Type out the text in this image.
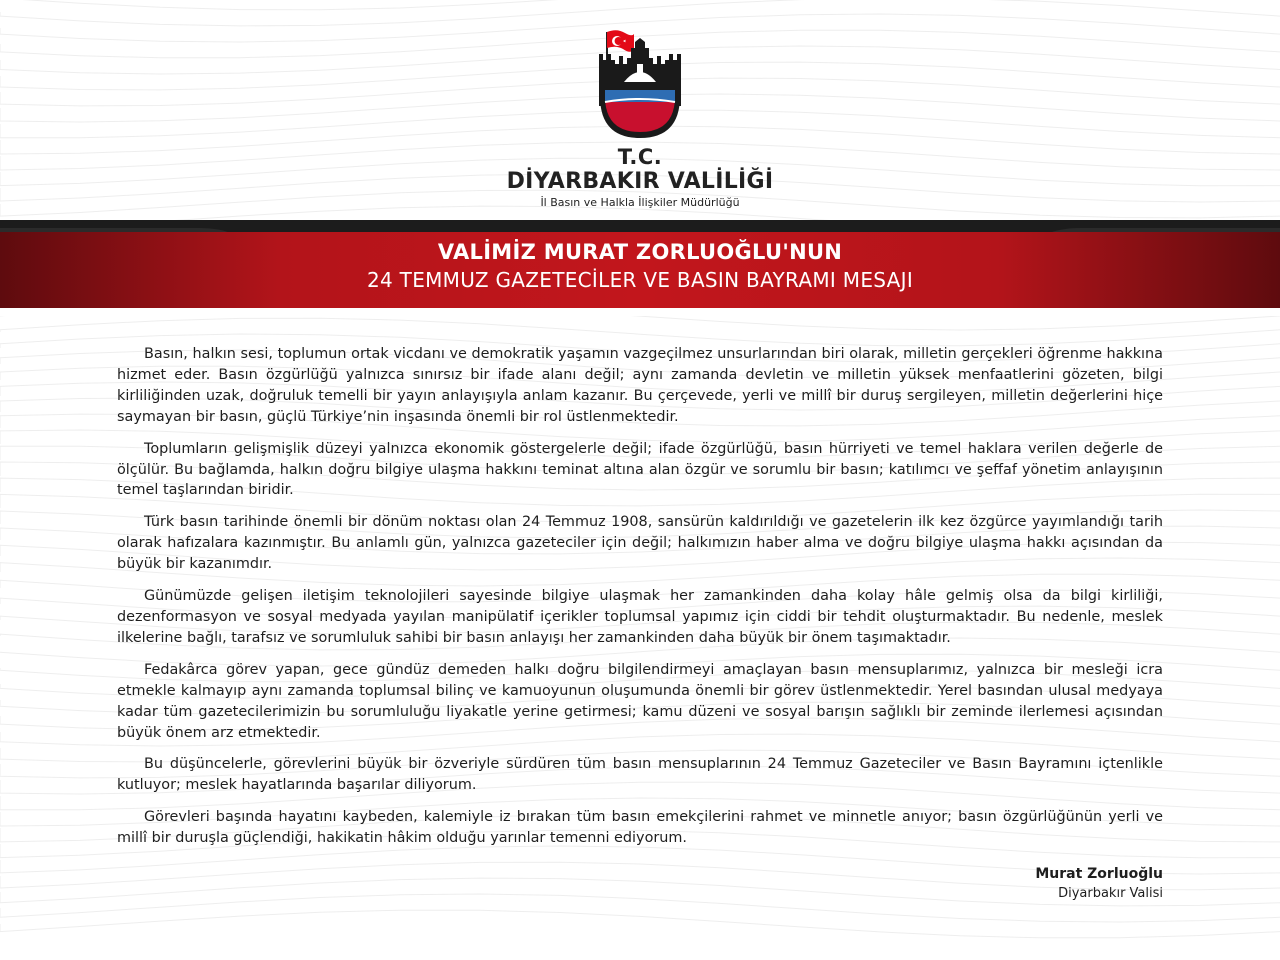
T.C.
DİYARBAKIR VALİLİĞİ
İl Basın ve Halkla İlişkiler Müdürlüğü
VALİMİZ MURAT ZORLUOĞLU'NUN
24 TEMMUZ GAZETECİLER VE BASIN BAYRAMI MESAJI

Basın, halkın sesi, toplumun ortak vicdanı ve demokratik yaşamın vazgeçilmez unsurlarından biri olarak, milletin gerçekleri öğrenme hakkına hizmet eder. Basın özgürlüğü yalnızca sınırsız bir ifade alanı değil; aynı zamanda devletin ve milletin yüksek menfaatlerini gözeten, bilgi kirliliğinden uzak, doğruluk temelli bir yayın anlayışıyla anlam kazanır. Bu çerçevede, yerli ve millî bir duruş sergileyen, milletin değerlerini hiçe saymayan bir basın, güçlü Türkiye’nin inşasında önemli bir rol üstlenmektedir.

Toplumların gelişmişlik düzeyi yalnızca ekonomik göstergelerle değil; ifade özgürlüğü, basın hürriyeti ve temel haklara verilen değerle de ölçülür. Bu bağlamda, halkın doğru bilgiye ulaşma hakkını teminat altına alan özgür ve sorumlu bir basın; katılımcı ve şeffaf yönetim anlayışının temel taşlarından biridir.

Türk basın tarihinde önemli bir dönüm noktası olan 24 Temmuz 1908, sansürün kaldırıldığı ve gazetelerin ilk kez özgürce yayımlandığı tarih olarak hafızalara kazınmıştır. Bu anlamlı gün, yalnızca gazeteciler için değil; halkımızın haber alma ve doğru bilgiye ulaşma hakkı açısından da büyük bir kazanımdır.

Günümüzde gelişen iletişim teknolojileri sayesinde bilgiye ulaşmak her zamankinden daha kolay hâle gelmiş olsa da bilgi kirliliği, dezenformasyon ve sosyal medyada yayılan manipülatif içerikler toplumsal yapımız için ciddi bir tehdit oluşturmaktadır. Bu nedenle, meslek ilkelerine bağlı, tarafsız ve sorumluluk sahibi bir basın anlayışı her zamankinden daha büyük bir önem taşımaktadır.

Fedakârca görev yapan, gece gündüz demeden halkı doğru bilgilendirmeyi amaçlayan basın mensuplarımız, yalnızca bir mesleği icra etmekle kalmayıp aynı zamanda toplumsal bilinç ve kamuoyunun oluşumunda önemli bir görev üstlenmektedir. Yerel basından ulusal medyaya kadar tüm gazetecilerimizin bu sorumluluğu liyakatle yerine getirmesi; kamu düzeni ve sosyal barışın sağlıklı bir zeminde ilerlemesi açısından büyük önem arz etmektedir.

Bu düşüncelerle, görevlerini büyük bir özveriyle sürdüren tüm basın mensuplarının 24 Temmuz Gazeteciler ve Basın Bayramını içtenlikle kutluyor; meslek hayatlarında başarılar diliyorum.

Görevleri başında hayatını kaybeden, kalemiyle iz bırakan tüm basın emekçilerini rahmet ve minnetle anıyor; basın özgürlüğünün yerli ve millî bir duruşla güçlendiği, hakikatin hâkim olduğu yarınlar temenni ediyorum.

Murat Zorluoğlu
Diyarbakır Valisi
